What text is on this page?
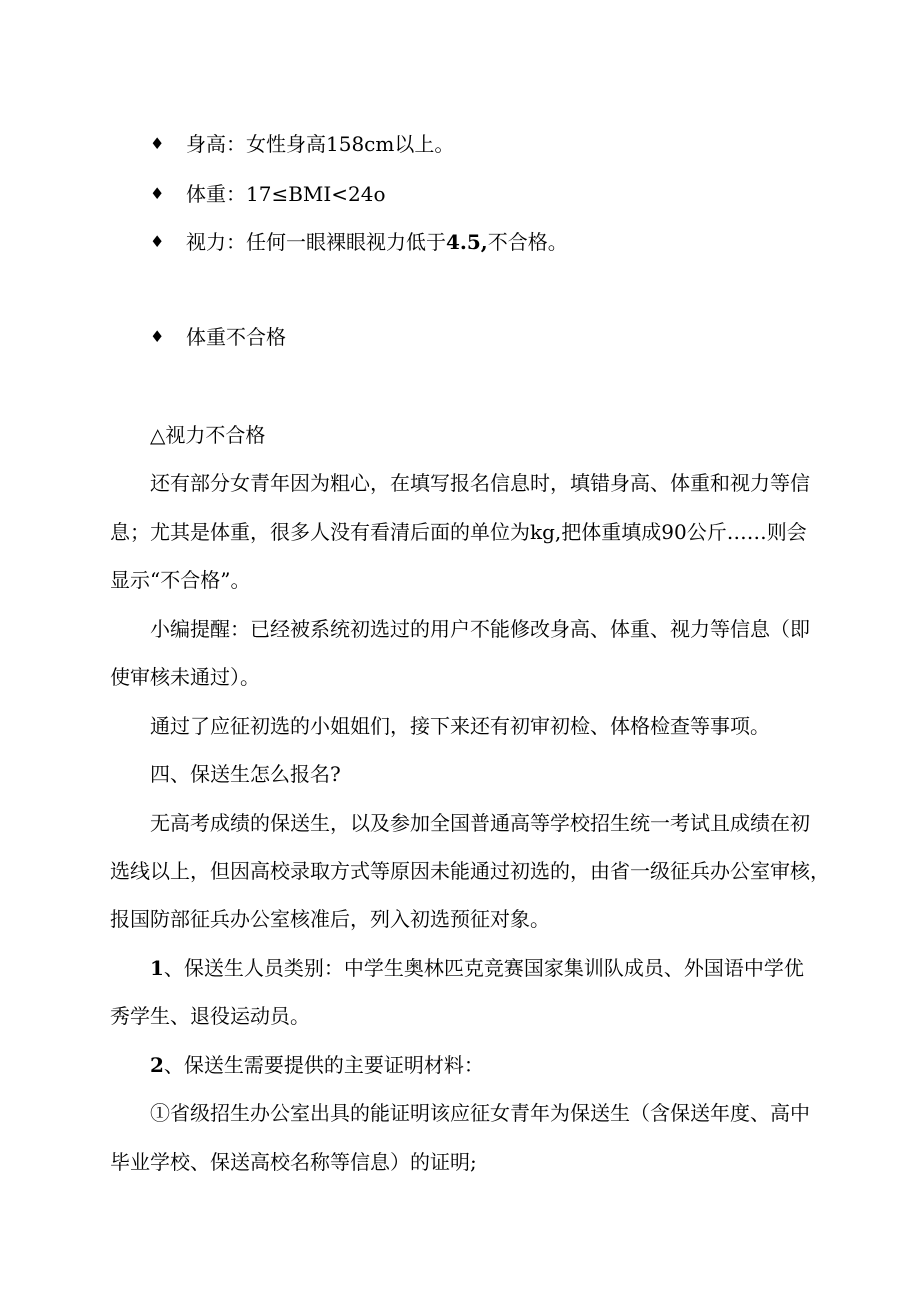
♦ 身高：女性身高158cm以上。
♦ 体重：17≤BMI<24o
♦ 视力：任何一眼裸眼视力低于4.5,不合格。
♦ 体重不合格
△视力不合格
还有部分女青年因为粗心，在填写报名信息时，填错身高、体重和视力等信
息；尤其是体重，很多人没有看清后面的单位为kg,把体重填成90公斤……则会
显示“不合格”。
小编提醒：已经被系统初选过的用户不能修改身高、体重、视力等信息（即
使审核未通过）。
通过了应征初选的小姐姐们，接下来还有初审初检、体格检查等事项。
四、保送生怎么报名?
无高考成绩的保送生，以及参加全国普通高等学校招生统一考试且成绩在初
选线以上，但因高校录取方式等原因未能通过初选的，由省一级征兵办公室审核，
报国防部征兵办公室核准后，列入初选预征对象。
1、保送生人员类别：中学生奥林匹克竞赛国家集训队成员、外国语中学优
秀学生、退役运动员。
2、保送生需要提供的主要证明材料：
①省级招生办公室出具的能证明该应征女青年为保送生（含保送年度、高中
毕业学校、保送高校名称等信息）的证明;
